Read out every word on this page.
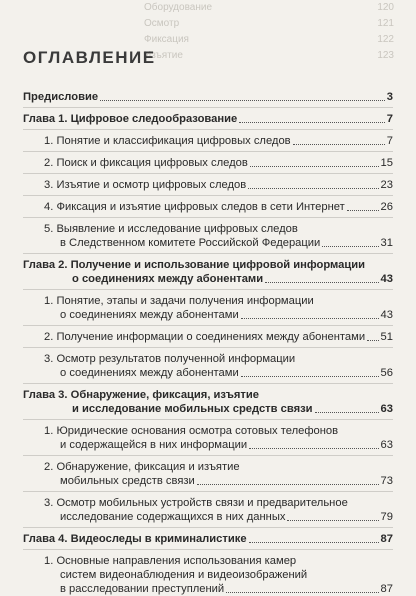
Оборудование	120
Осмотр	121
Фиксация	122
Изъятие	123
ОГЛАВЛЕНИЕ
Предисловие	3
Глава 1. Цифровое следообразование	7
1. Понятие и классификация цифровых следов	7
2. Поиск и фиксация цифровых следов	15
3. Изъятие и осмотр цифровых следов	23
4. Фиксация и изъятие цифровых следов в сети Интернет	26
5. Выявление и исследование цифровых следов
в Следственном комитете Российской Федерации	31
Глава 2. Получение и использование цифровой информации
о соединениях между абонентами	43
1. Понятие, этапы и задачи получения информации
о соединениях между абонентами	43
2. Получение информации о соединениях между абонентами 51
3. Осмотр результатов полученной информации
о соединениях между абонентами	56
Глава 3. Обнаружение, фиксация, изъятие
и исследование мобильных средств связи	63
1. Юридические основания осмотра сотовых телефонов
и содержащейся в них информации	63
2. Обнаружение, фиксация и изъятие
мобильных средств связи	73
3. Осмотр мобильных устройств связи и предварительное
исследование содержащихся в них данных	79
Глава 4. Видеоследы в криминалистике	87
1. Основные направления использования камер
систем видеонаблюдения и видеоизображений
в расследовании преступлений	87
